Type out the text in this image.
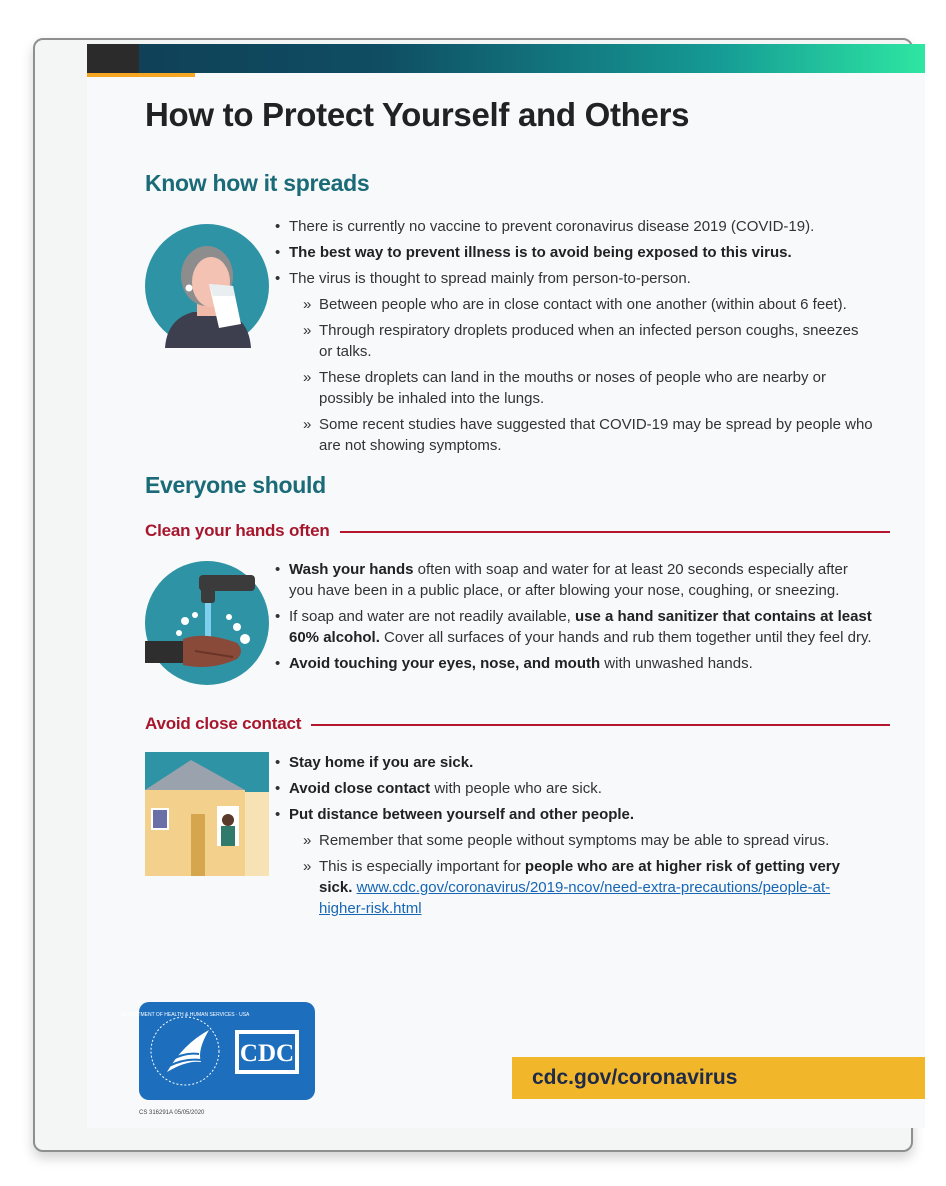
How to Protect Yourself and Others
Know how it spreads
• There is currently no vaccine to prevent coronavirus disease 2019 (COVID-19).
• The best way to prevent illness is to avoid being exposed to this virus.
• The virus is thought to spread mainly from person-to-person.
» Between people who are in close contact with one another (within about 6 feet).
» Through respiratory droplets produced when an infected person coughs, sneezes or talks.
» These droplets can land in the mouths or noses of people who are nearby or possibly be inhaled into the lungs.
» Some recent studies have suggested that COVID-19 may be spread by people who are not showing symptoms.
Everyone should
Clean your hands often
• Wash your hands often with soap and water for at least 20 seconds especially after you have been in a public place, or after blowing your nose, coughing, or sneezing.
• If soap and water are not readily available, use a hand sanitizer that contains at least 60% alcohol. Cover all surfaces of your hands and rub them together until they feel dry.
• Avoid touching your eyes, nose, and mouth with unwashed hands.
Avoid close contact
• Stay home if you are sick.
• Avoid close contact with people who are sick.
• Put distance between yourself and other people.
» Remember that some people without symptoms may be able to spread virus.
» This is especially important for people who are at higher risk of getting very sick. www.cdc.gov/coronavirus/2019-ncov/need-extra-precautions/people-at-higher-risk.html
CDC
DEPARTMENT OF HEALTH & HUMAN SERVICES · USA
cdc.gov/coronavirus
CS 316291A 05/05/2020
